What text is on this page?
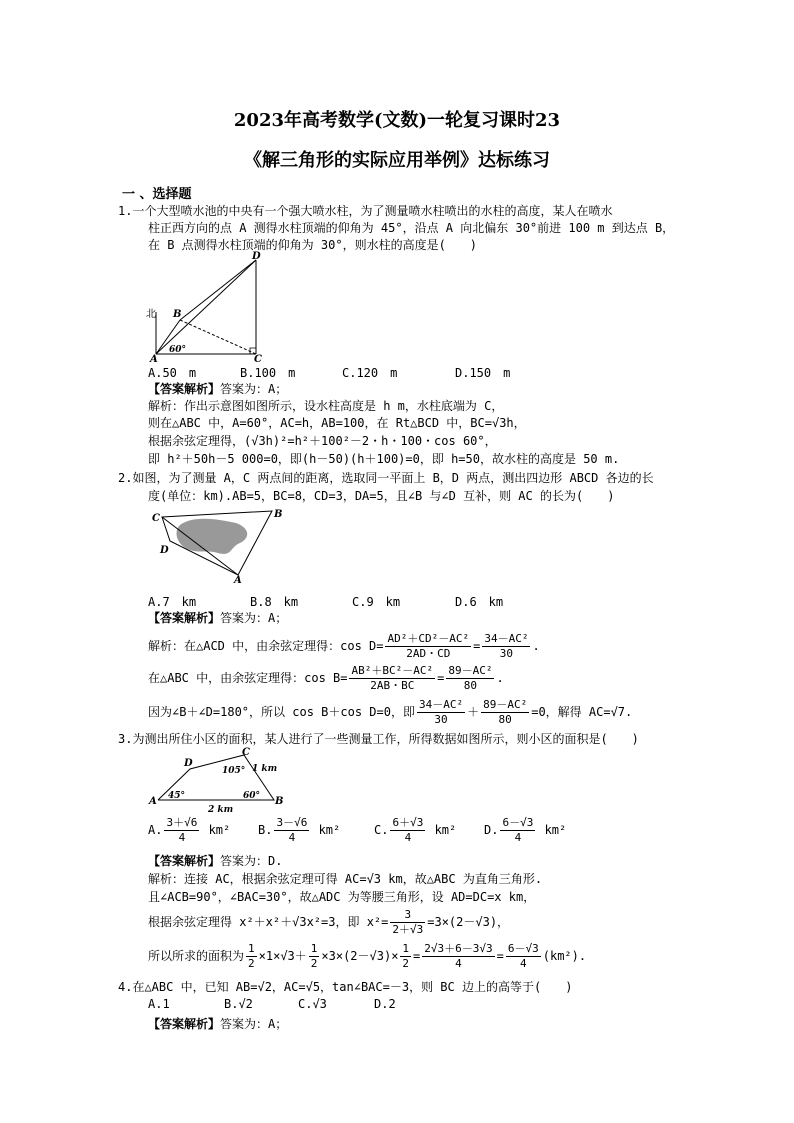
2023年高考数学(文数)一轮复习课时23
《解三角形的实际应用举例》达标练习
一 、选择题
1.一个大型喷水池的中央有一个强大喷水柱，为了测量喷水柱喷出的水柱的高度，某人在喷水
柱正西方向的点 A 测得水柱顶端的仰角为 45°，沿点 A 向北偏东 30°前进 100 m 到达点 B，
在 B 点测得水柱顶端的仰角为 30°，则水柱的高度是(　　)
D
B
北
A	C
60°
A.50　m	B.100　m	C.120　m	D.150　m
【答案解析】答案为：A；
解析：作出示意图如图所示，设水柱高度是 h m，水柱底端为 C，
则在△ABC 中，A=60°，AC=h，AB=100，在 Rt△BCD 中，BC=√3h，
根据余弦定理得，(√3h)²=h²＋100²－2・h・100・cos 60°，
即 h²＋50h－5 000=0，即(h－50)(h＋100)=0，即 h=50，故水柱的高度是 50 m.
2.如图，为了测量 A，C 两点间的距离，选取同一平面上 B，D 两点，测出四边形 ABCD 各边的长
度(单位：km).AB=5，BC=8，CD=3，DA=5，且∠B 与∠D 互补，则 AC 的长为(　　)
C	B
D
A
A.7　km	B.8　km	C.9　km	D.6　km
【答案解析】答案为：A；
解析：在△ACD 中，由余弦定理得：$\cos D= \frac{\text{AD²＋CD²－AC²}}{2AD・CD} = \frac{\text{34－AC²}}{30}$ .
在△ABC 中，由余弦定理得：$\cos B= \frac{\text{AB²＋BC²－AC²}}{2AB・BC} = \frac{\text{89－AC²}}{80}$ .
因为∠B＋∠D=180°，所以 cos B＋cos D=0，即 $\frac{\text{34－AC²}}{30} + \frac{\text{89－AC²}}{80} =0$，解得 AC=√7.
3.为测出所住小区的面积，某人进行了一些测量工作，所得数据如图所示，则小区的面积是(　　)
D
C
105° 1 km
A 45°	60° B
2 km
A. $\frac{3+√6}{4} km^2$ B. $\frac{3-√6}{4} km^2$	C. $\frac{6+√3}{4} km^2$ D. $\frac{6-√3}{4} km^2$
【答案解析】答案为：D.
解析：连接 AC，根据余弦定理可得 AC=√3 km，故△ABC 为直角三角形.
且∠ACB=90°，∠BAC=30°，故△ADC 为等腰三角形，设 AD=DC=x km，
根据余弦定理得 x²＋x²＋√3x²=3，即 $x^2= \frac{3}{2+√3} =3\times(2-√3)$，
所以所求的面积为 $\frac{1}{2} \times 1\times√3+ \frac{1}{2} \times 3\times(2-√3)\times \frac{1}{2} = \frac{2√3+6-3√3}{4} = \frac{6-√3}{4} (km^2)$.
4.在△ABC 中，已知 AB=√2，AC=√5，tan∠BAC=－3，则 BC 边上的高等于(　　)
A.1	B.√2	C.√3	D.2
【答案解析】答案为：A；
